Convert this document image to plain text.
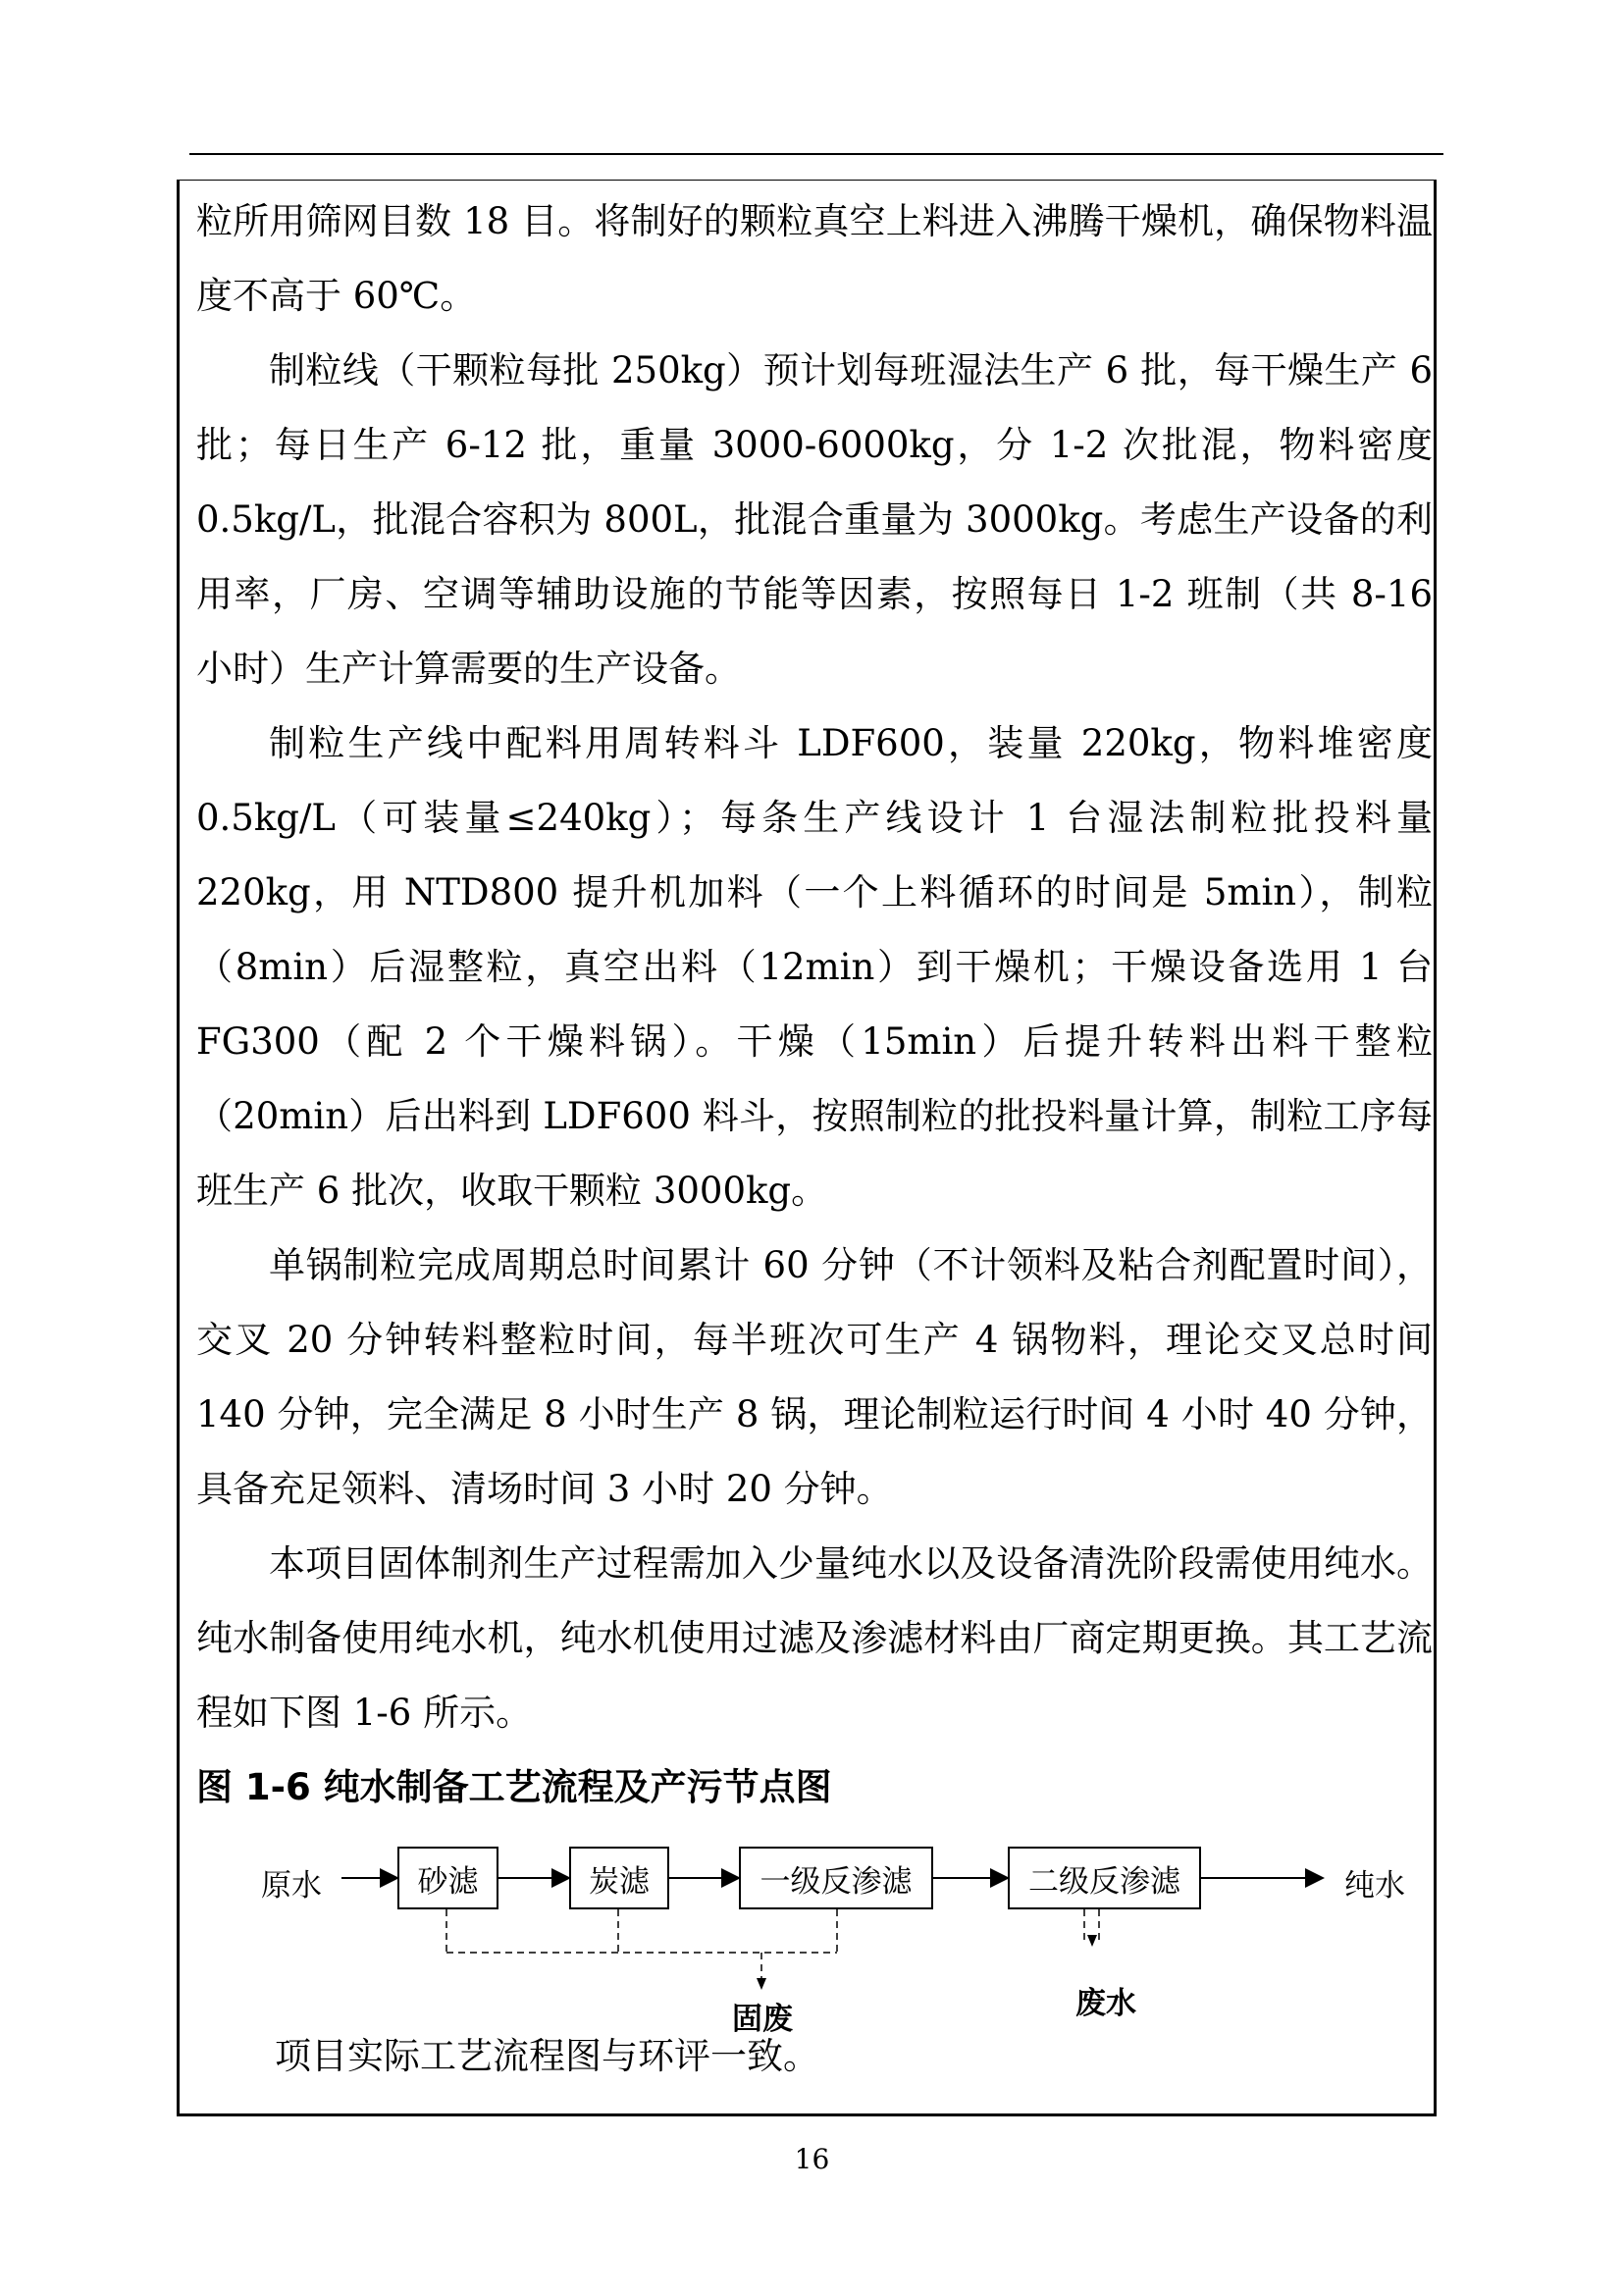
粒所用筛网目数 18 目。将制好的颗粒真空上料进入沸腾干燥机，确保物料温度不高于 60℃。

制粒线（干颗粒每批 250kg）预计划每班湿法生产 6 批，每干燥生产 6 批；每日生产 6-12 批，重量 3000-6000kg，分 1-2 次批混，物料密度 0.5kg/L，批混合容积为 800L，批混合重量为 3000kg。考虑生产设备的利用率，厂房、空调等辅助设施的节能等因素，按照每日 1-2 班制（共 8-16 小时）生产计算需要的生产设备。

制粒生产线中配料用周转料斗 LDF600，装量 220kg，物料堆密度 0.5kg/L（可装量≤240kg）；每条生产线设计 1 台湿法制粒批投料量 220kg，用 NTD800 提升机加料（一个上料循环的时间是 5min），制粒（8min）后湿整粒，真空出料（12min）到干燥机；干燥设备选用 1 台 FG300（配 2 个干燥料锅）。干燥（15min）后提升转料出料干整粒（20min）后出料到 LDF600 料斗，按照制粒的批投料量计算，制粒工序每班生产 6 批次，收取干颗粒 3000kg。

单锅制粒完成周期总时间累计 60 分钟（不计领料及粘合剂配置时间），交叉 20 分钟转料整粒时间，每半班次可生产 4 锅物料，理论交叉总时间 140 分钟，完全满足 8 小时生产 8 锅，理论制粒运行时间 4 小时 40 分钟，具备充足领料、清场时间 3 小时 20 分钟。

本项目固体制剂生产过程需加入少量纯水以及设备清洗阶段需使用纯水。纯水制备使用纯水机，纯水机使用过滤及渗滤材料由厂商定期更换。其工艺流程如下图 1-6 所示。

图 1-6 纯水制备工艺流程及产污节点图

原水	砂滤	炭滤	一级反渗滤	二级反渗滤	纯水
固废	废水
项目实际工艺流程图与环评一致。
16
